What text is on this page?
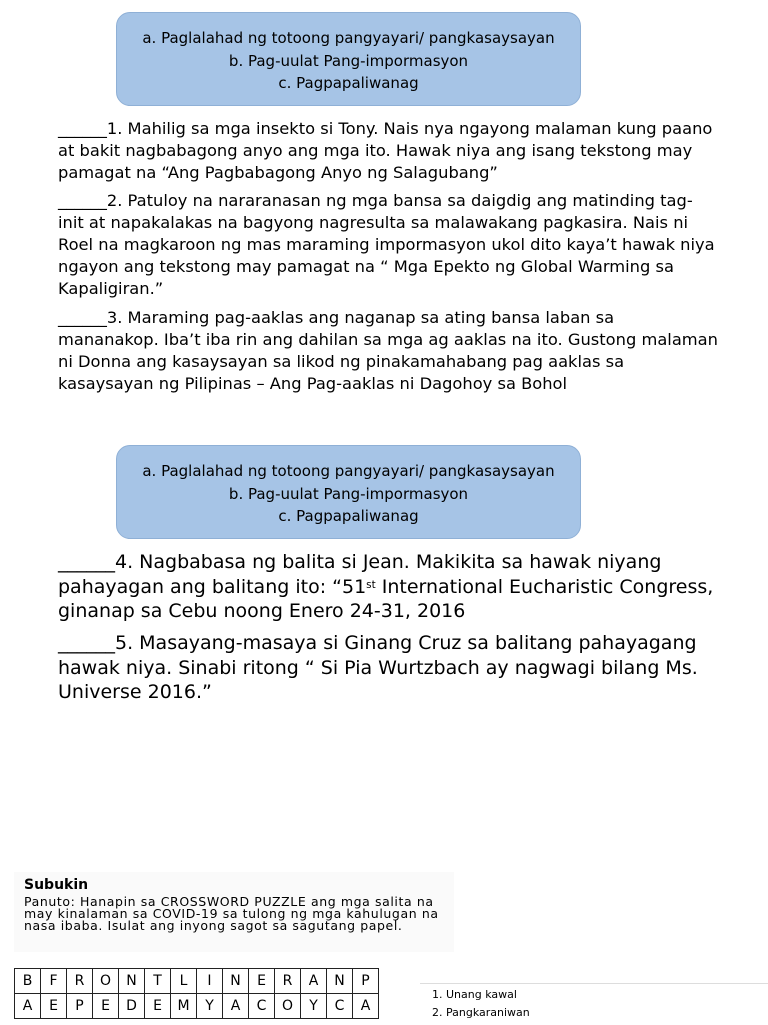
a. Paglalahad ng totoong pangyayari/ pangkasaysayan
b. Pag-uulat Pang-impormasyon
c. Pagpapaliwanag

______1. Mahilig sa mga insekto si Tony. Nais nya ngayong malaman kung paano at bakit nagbabagong anyo ang mga ito. Hawak niya ang isang tekstong may pamagat na “Ang Pagbabagong Anyo ng Salagubang”

______2. Patuloy na nararanasan ng mga bansa sa daigdig ang matinding tag-init at napakalakas na bagyong nagresulta sa malawakang pagkasira. Nais ni Roel na magkaroon ng mas maraming impormasyon ukol dito kaya’t hawak niya ngayon ang tekstong may pamagat na “ Mga Epekto ng Global Warming sa Kapaligiran.”

______3. Maraming pag-aaklas ang naganap sa ating bansa laban sa mananakop. Iba’t iba rin ang dahilan sa mga ag aaklas na ito. Gustong malaman ni Donna ang kasaysayan sa likod ng pinakamahabang pag aaklas sa kasaysayan ng Pilipinas – Ang Pag-aaklas ni Dagohoy sa Bohol

a. Paglalahad ng totoong pangyayari/ pangkasaysayan
b. Pag-uulat Pang-impormasyon
c. Pagpapaliwanag

______4. Nagbabasa ng balita si Jean. Makikita sa hawak niyang pahayagan ang balitang ito: “51st International Eucharistic Congress, ginanap sa Cebu noong Enero 24-31, 2016

______5. Masayang-masaya si Ginang Cruz sa balitang pahayagang hawak niya. Sinabi ritong “ Si Pia Wurtzbach ay nagwagi bilang Ms. Universe 2016.”

Subukin
Panuto: Hanapin sa CROSSWORD PUZZLE ang mga salita na may kinalaman sa COVID-19 sa tulong ng mga kahulugan na nasa ibaba. Isulat ang inyong sagot sa sagutang papel.
B	F	R	O	N	T	L	I	N	E	R	A	N	P
A	E	P	E	D	E	M	Y	A	C	O	Y	C	A
1. Unang kawal
2. Pangkaraniwan
